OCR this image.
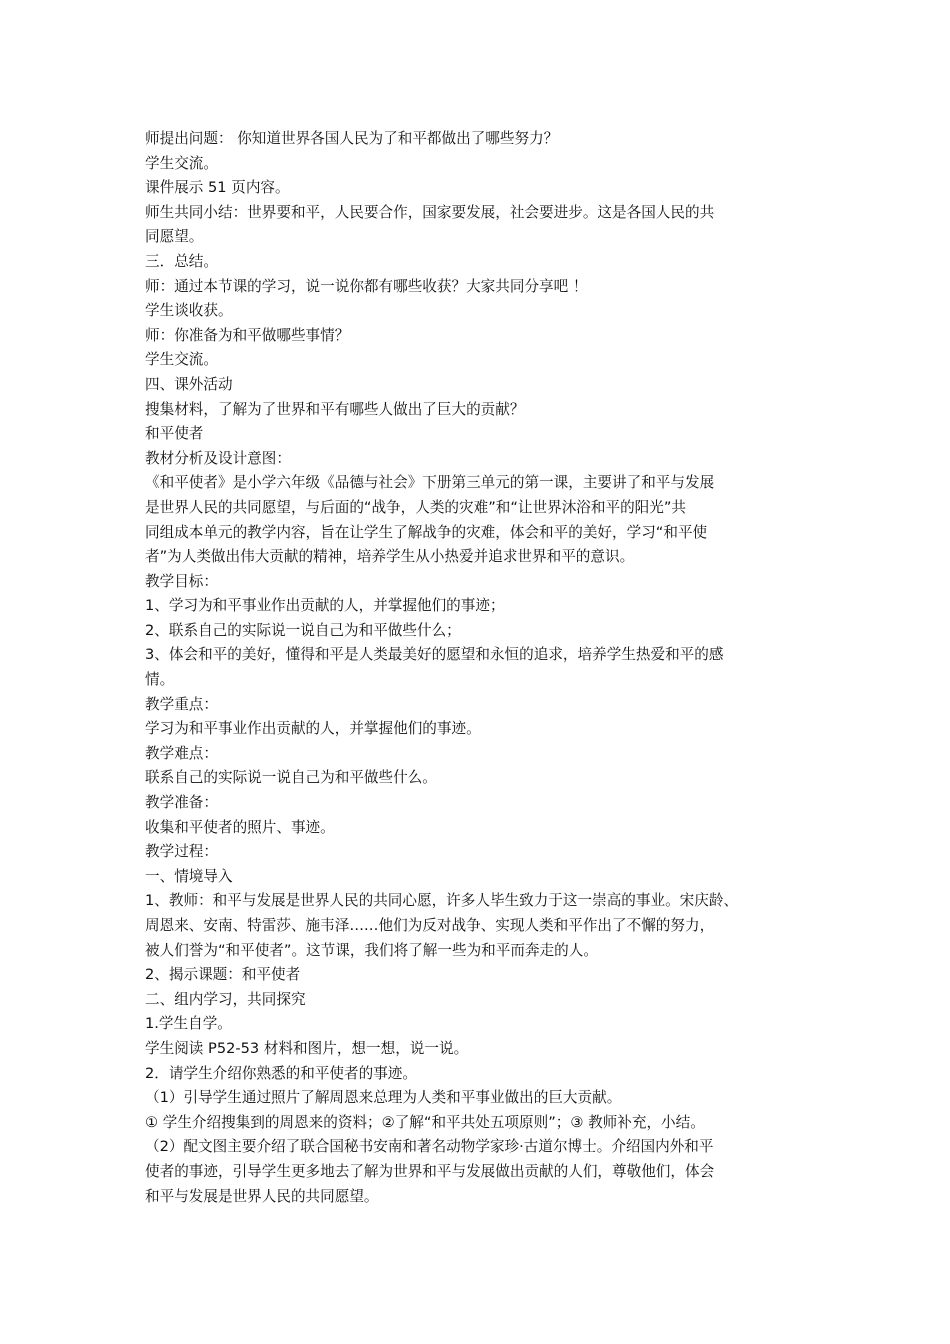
师提出问题： 你知道世界各国人民为了和平都做出了哪些努力？
学生交流。
课件展示 51 页内容。
师生共同小结：世界要和平，人民要合作，国家要发展，社会要进步。这是各国人民的共
同愿望。
三．总结。
师：通过本节课的学习，说一说你都有哪些收获？大家共同分享吧 ！
学生谈收获。
师：你准备为和平做哪些事情？
学生交流。
四、课外活动
搜集材料，了解为了世界和平有哪些人做出了巨大的贡献？
和平使者
教材分析及设计意图：
《和平使者》是小学六年级《品德与社会》下册第三单元的第一课，主要讲了和平与发展
是世界人民的共同愿望，与后面的“战争，人类的灾难”和“让世界沐浴和平的阳光”共
同组成本单元的教学内容，旨在让学生了解战争的灾难，体会和平的美好，学习“和平使
者”为人类做出伟大贡献的精神，培养学生从小热爱并追求世界和平的意识。
教学目标：
1、学习为和平事业作出贡献的人，并掌握他们的事迹；
2、联系自己的实际说一说自己为和平做些什么；
3、体会和平的美好，懂得和平是人类最美好的愿望和永恒的追求，培养学生热爱和平的感
情。
教学重点：
学习为和平事业作出贡献的人，并掌握他们的事迹。
教学难点：
联系自己的实际说一说自己为和平做些什么。
教学准备：
收集和平使者的照片、事迹。
教学过程：
一、情境导入
1、教师：和平与发展是世界人民的共同心愿，许多人毕生致力于这一崇高的事业。宋庆龄、
周恩来、安南、特雷莎、施韦泽……他们为反对战争、实现人类和平作出了不懈的努力，
被人们誉为“和平使者”。这节课，我们将了解一些为和平而奔走的人。
2、揭示课题：和平使者
二、组内学习，共同探究
1.学生自学。
学生阅读 P52-53 材料和图片，想一想，说一说。
2．请学生介绍你熟悉的和平使者的事迹。
（1）引导学生通过照片了解周恩来总理为人类和平事业做出的巨大贡献。
① 学生介绍搜集到的周恩来的资料；②了解“和平共处五项原则”；③ 教师补充，小结。
（2）配文图主要介绍了联合国秘书安南和著名动物学家珍·古道尔博士。介绍国内外和平
使者的事迹，引导学生更多地去了解为世界和平与发展做出贡献的人们，尊敬他们，体会
和平与发展是世界人民的共同愿望。
